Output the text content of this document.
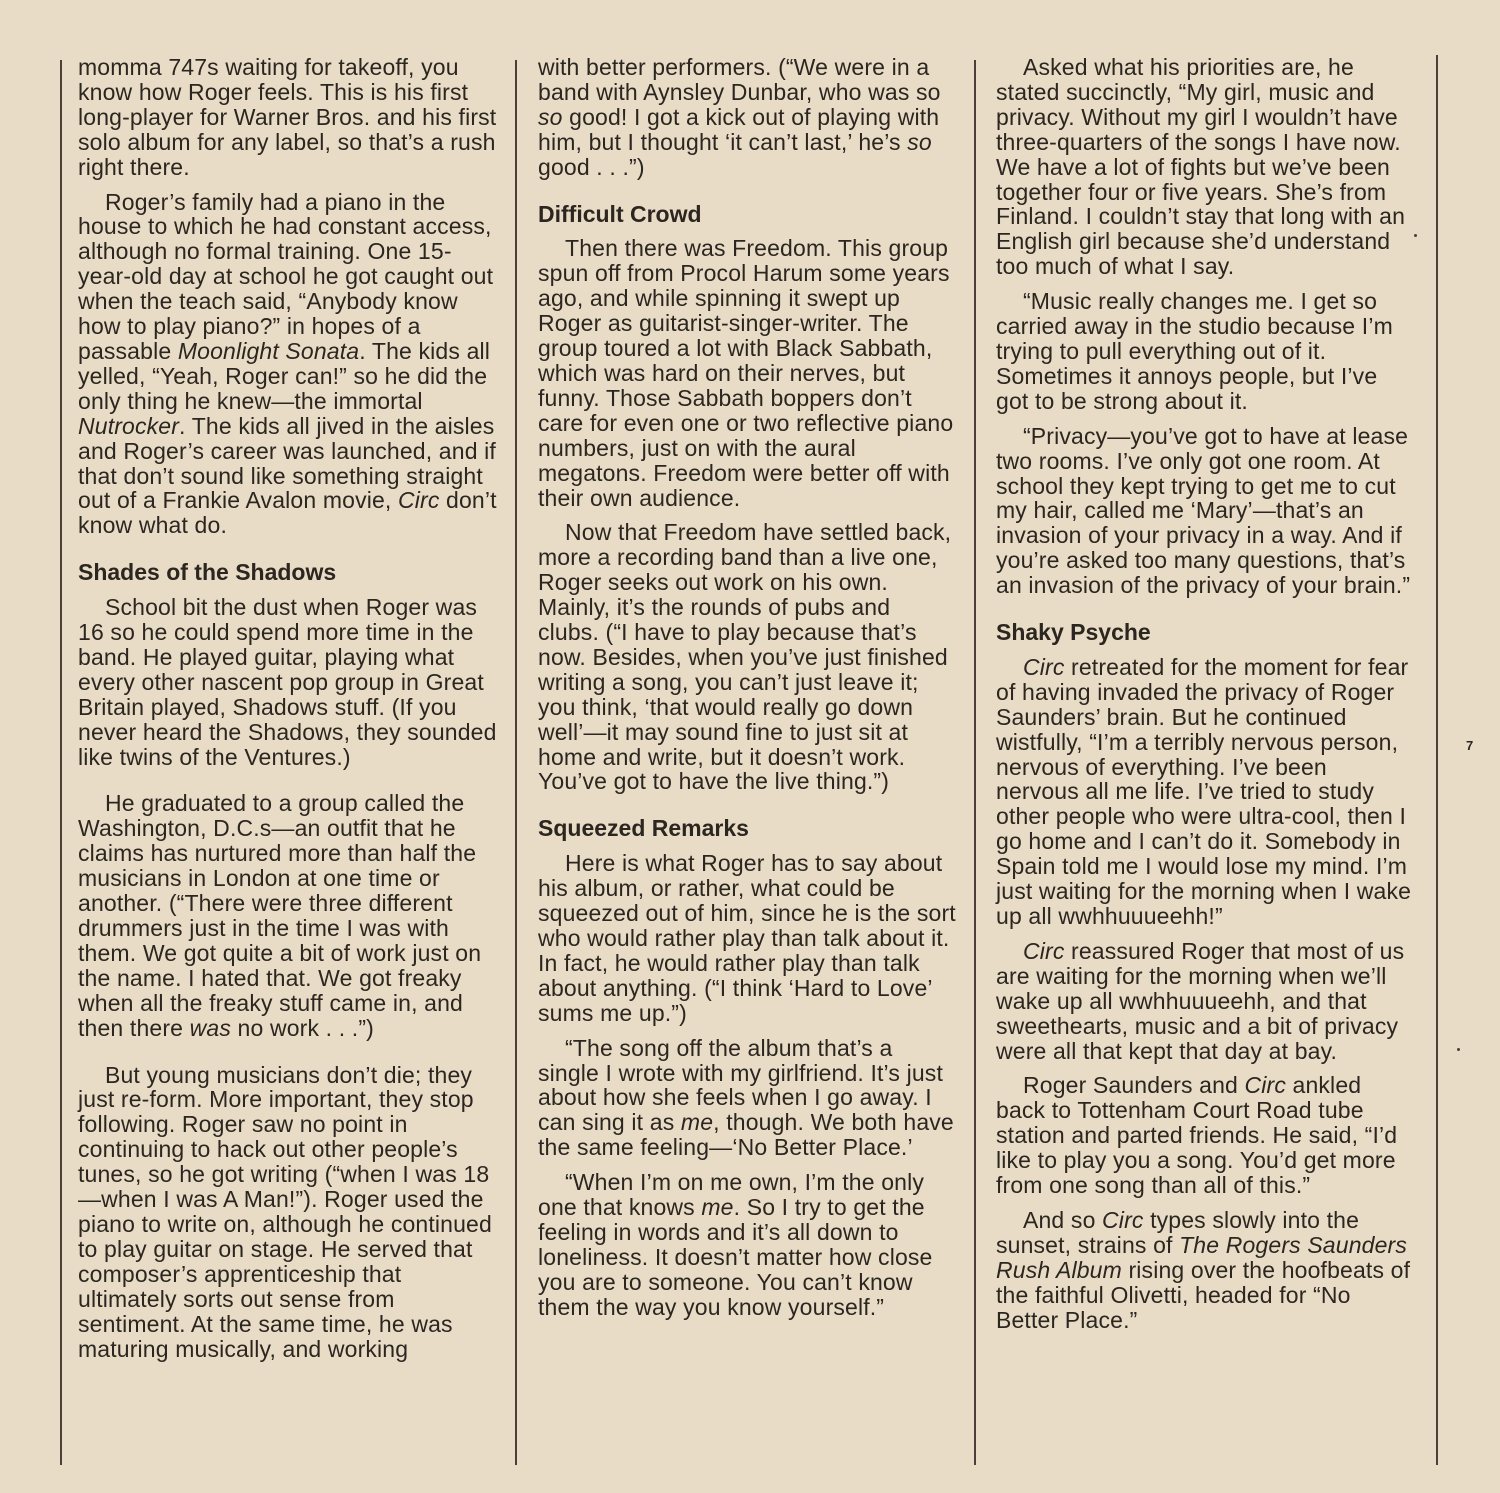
momma 747s waiting for takeoff, you know how Roger feels. This is his first long-player for Warner Bros. and his first solo album for any label, so that’s a rush right there.

Roger’s family had a piano in the house to which he had constant access, although no formal training. One 15-year-old day at school he got caught out when the teach said, “Anybody know how to play piano?” in hopes of a passable Moonlight Sonata. The kids all yelled, “Yeah, Roger can!” so he did the only thing he knew—the immortal Nutrocker. The kids all jived in the aisles and Roger’s career was launched, and if that don’t sound like something straight out of a Frankie Avalon movie, Circ don’t know what do.

Shades of the Shadows

School bit the dust when Roger was 16 so he could spend more time in the band. He played guitar, playing what every other nascent pop group in Great Britain played, Shadows stuff. (If you never heard the Shadows, they sounded like twins of the Ventures.)

He graduated to a group called the Washington, D.C.s—an outfit that he claims has nurtured more than half the musicians in London at one time or another. (“There were three different drummers just in the time I was with them. We got quite a bit of work just on the name. I hated that. We got freaky when all the freaky stuff came in, and then there was no work . . .”)

But young musicians don’t die; they just re-form. More important, they stop following. Roger saw no point in continuing to hack out other people’s tunes, so he got writing (“when I was 18—when I was A Man!”). Roger used the piano to write on, although he continued to play guitar on stage. He served that composer’s apprenticeship that ultimately sorts out sense from sentiment. At the same time, he was maturing musically, and working

with better performers. (“We were in a band with Aynsley Dunbar, who was so so good! I got a kick out of playing with him, but I thought ‘it can’t last,’ he’s so good . . .”)

Difficult Crowd

Then there was Freedom. This group spun off from Procol Harum some years ago, and while spinning it swept up Roger as guitarist-singer-writer. The group toured a lot with Black Sabbath, which was hard on their nerves, but funny. Those Sabbath boppers don’t care for even one or two reflective piano numbers, just on with the aural megatons. Freedom were better off with their own audience.

Now that Freedom have settled back, more a recording band than a live one, Roger seeks out work on his own. Mainly, it’s the rounds of pubs and clubs. (“I have to play because that’s now. Besides, when you’ve just finished writing a song, you can’t just leave it; you think, ‘that would really go down well’—it may sound fine to just sit at home and write, but it doesn’t work. You’ve got to have the live thing.”)

Squeezed Remarks

Here is what Roger has to say about his album, or rather, what could be squeezed out of him, since he is the sort who would rather play than talk about it. In fact, he would rather play than talk about anything. (“I think ‘Hard to Love’ sums me up.”)

“The song off the album that’s a single I wrote with my girlfriend. It’s just about how she feels when I go away. I can sing it as me, though. We both have the same feeling—‘No Better Place.’

“When I’m on me own, I’m the only one that knows me. So I try to get the feeling in words and it’s all down to loneliness. It doesn’t matter how close you are to someone. You can’t know them the way you know yourself.”

Asked what his priorities are, he stated succinctly, “My girl, music and privacy. Without my girl I wouldn’t have three-quarters of the songs I have now. We have a lot of fights but we’ve been together four or five years. She’s from Finland. I couldn’t stay that long with an English girl because she’d understand too much of what I say.

“Music really changes me. I get so carried away in the studio because I’m trying to pull everything out of it. Sometimes it annoys people, but I’ve got to be strong about it.

“Privacy—you’ve got to have at lease two rooms. I’ve only got one room. At school they kept trying to get me to cut my hair, called me ‘Mary’—that’s an invasion of your privacy in a way. And if you’re asked too many questions, that’s an invasion of the privacy of your brain.”

Shaky Psyche

Circ retreated for the moment for fear of having invaded the privacy of Roger Saunders’ brain. But he continued wistfully, “I’m a terribly nervous person, nervous of everything. I’ve been nervous all me life. I’ve tried to study other people who were ultra-cool, then I go home and I can’t do it. Somebody in Spain told me I would lose my mind. I’m just waiting for the morning when I wake up all wwhhuuueehh!”

Circ reassured Roger that most of us are waiting for the morning when we’ll wake up all wwhhuuueehh, and that sweethearts, music and a bit of privacy were all that kept that day at bay.

Roger Saunders and Circ ankled back to Tottenham Court Road tube station and parted friends. He said, “I’d like to play you a song. You’d get more from one song than all of this.”

And so Circ types slowly into the sunset, strains of The Rogers Saunders Rush Album rising over the hoofbeats of the faithful Olivetti, headed for “No Better Place.”

7
